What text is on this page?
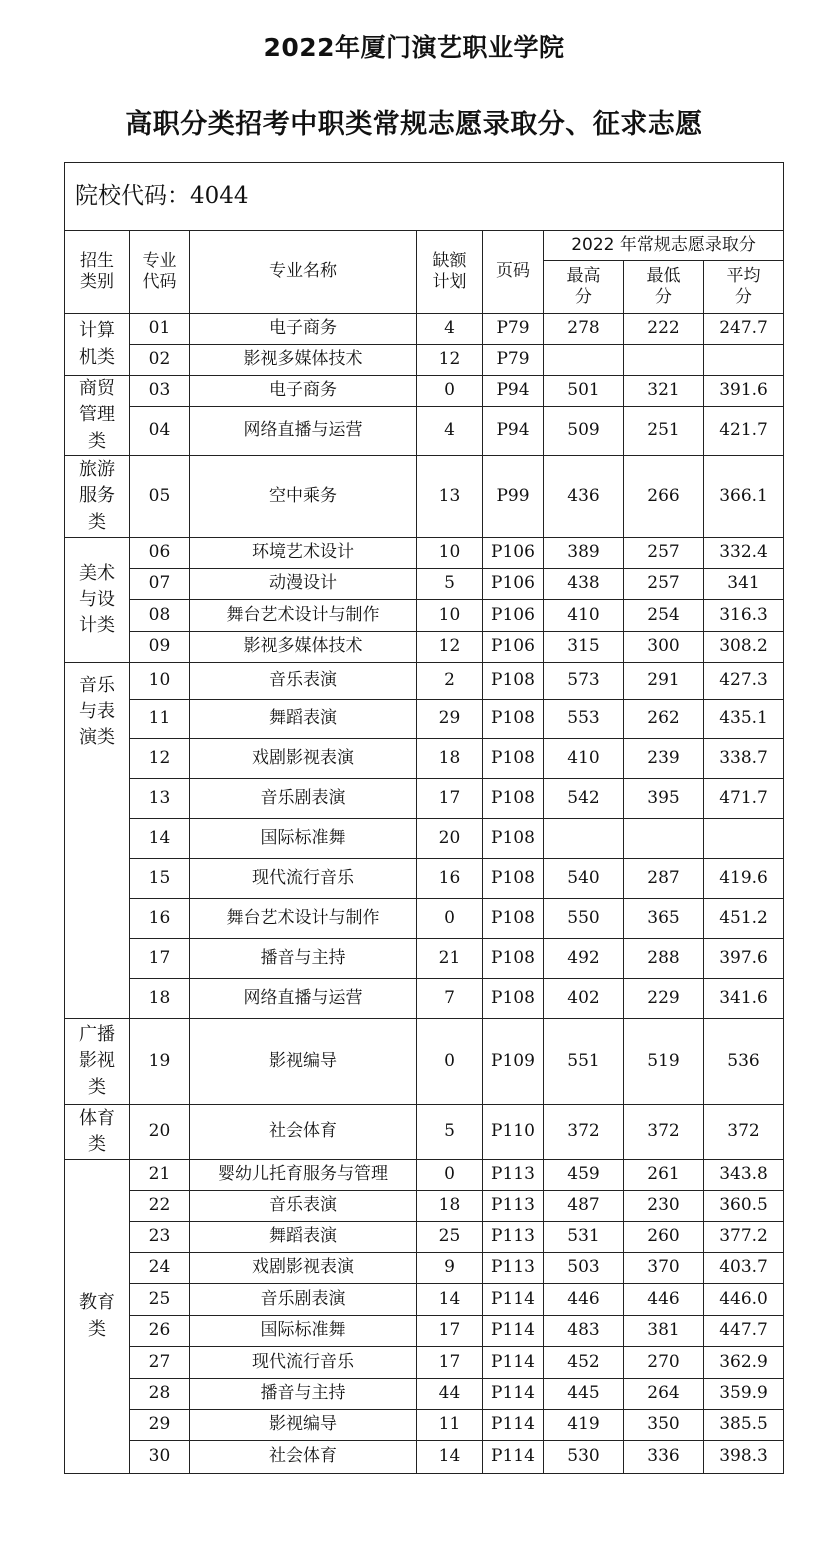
2022年厦门演艺职业学院
高职分类招考中职类常规志愿录取分、征求志愿
院校代码：4044							

招生类别	专业代码	专业名称	缺额计划	页码	2022 年常规志愿录取分		

					最高分	最低分	平均分

计算
机类	01	电子商务	4	P79	278	222	247.7
	02	影视多媒体技术	12	P79			

商贸
管理
类	03	电子商务	0	P94	501	321	391.6
	04	网络直播与运营	4	P94	509	251	421.7

旅游
服务
类	05	空中乘务	13	P99	436	266	366.1

美术
与设
计类	06	环境艺术设计	10	P106	389	257	332.4
	07	动漫设计	5	P106	438	257	341
	08	舞台艺术设计与制作	10	P106	410	254	316.3
	09	影视多媒体技术	12	P106	315	300	308.2

音乐
与表
演类	10	音乐表演	2	P108	573	291	427.3
	11	舞蹈表演	29	P108	553	262	435.1
	12	戏剧影视表演	18	P108	410	239	338.7
	13	音乐剧表演	17	P108	542	395	471.7
	14	国际标准舞	20	P108			
	15	现代流行音乐	16	P108	540	287	419.6
	16	舞台艺术设计与制作	0	P108	550	365	451.2
	17	播音与主持	21	P108	492	288	397.6
	18	网络直播与运营	7	P108	402	229	341.6

广播
影视
类	19	影视编导	0	P109	551	519	536

体育
类	20	社会体育	5	P110	372	372	372

教育
类	21	婴幼儿托育服务与管理	0	P113	459	261	343.8
	22	音乐表演	18	P113	487	230	360.5
	23	舞蹈表演	25	P113	531	260	377.2
	24	戏剧影视表演	9	P113	503	370	403.7
	25	音乐剧表演	14	P114	446	446	446.0
	26	国际标准舞	17	P114	483	381	447.7
	27	现代流行音乐	17	P114	452	270	362.9
	28	播音与主持	44	P114	445	264	359.9
	29	影视编导	11	P114	419	350	385.5
	30	社会体育	14	P114	530	336	398.3
